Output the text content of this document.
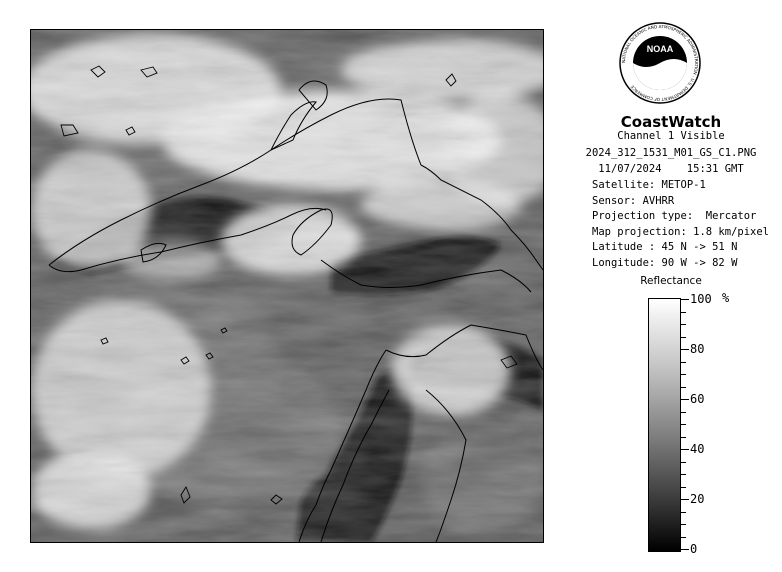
NOAA
NATIONAL OCEANIC AND ATMOSPHERIC ADMINISTRATION · U.S. DEPARTMENT OF COMMERCE
CoastWatch
Channel 1 Visible
2024_312_1531_M01_GS_C1.PNG
11/07/2024    15:31 GMT
Satellite: METOP-1
Sensor: AVHRR
Projection type:  Mercator
Map projection: 1.8 km/pixel
Latitude : 45 N -> 51 N
Longitude: 90 W -> 82 W
Reflectance
%
100
80
60
40
20
0
